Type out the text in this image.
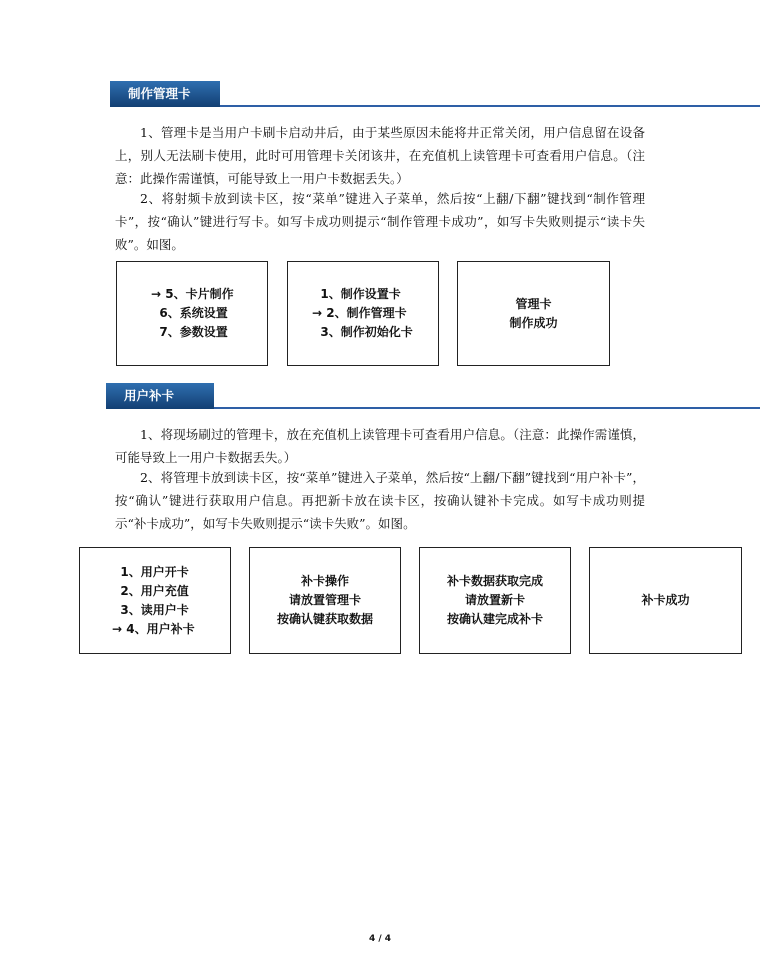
制作管理卡

1、管理卡是当用户卡刷卡启动井后，由于某些原因未能将井正常关闭，用户信息留在设备上，别人无法刷卡使用，此时可用管理卡关闭该井，在充值机上读管理卡可查看用户信息。（注意：此操作需谨慎，可能导致上一用户卡数据丢失。）

2、将射频卡放到读卡区，按“菜单”键进入子菜单，然后按“上翻/下翻”键找到“制作管理卡”，按“确认”键进行写卡。如写卡成功则提示“制作管理卡成功”，如写卡失败则提示“读卡失败”。如图。

→ 5、卡片制作
6、系统设置
7、参数设置
1、制作设置卡
→ 2、制作管理卡
3、制作初始化卡
管理卡
制作成功
用户补卡

1、将现场刷过的管理卡，放在充值机上读管理卡可查看用户信息。（注意：此操作需谨慎，可能导致上一用户卡数据丢失。）

2、将管理卡放到读卡区，按“菜单”键进入子菜单，然后按“上翻/下翻”键找到“用户补卡”，按“确认”键进行获取用户信息。再把新卡放在读卡区，按确认键补卡完成。如写卡成功则提示“补卡成功”，如写卡失败则提示“读卡失败”。如图。

1、用户开卡
2、用户充值
3、读用户卡
→ 4、用户补卡
补卡操作
请放置管理卡
按确认键获取数据
补卡数据获取完成
请放置新卡
按确认建完成补卡
补卡成功
4 / 4
